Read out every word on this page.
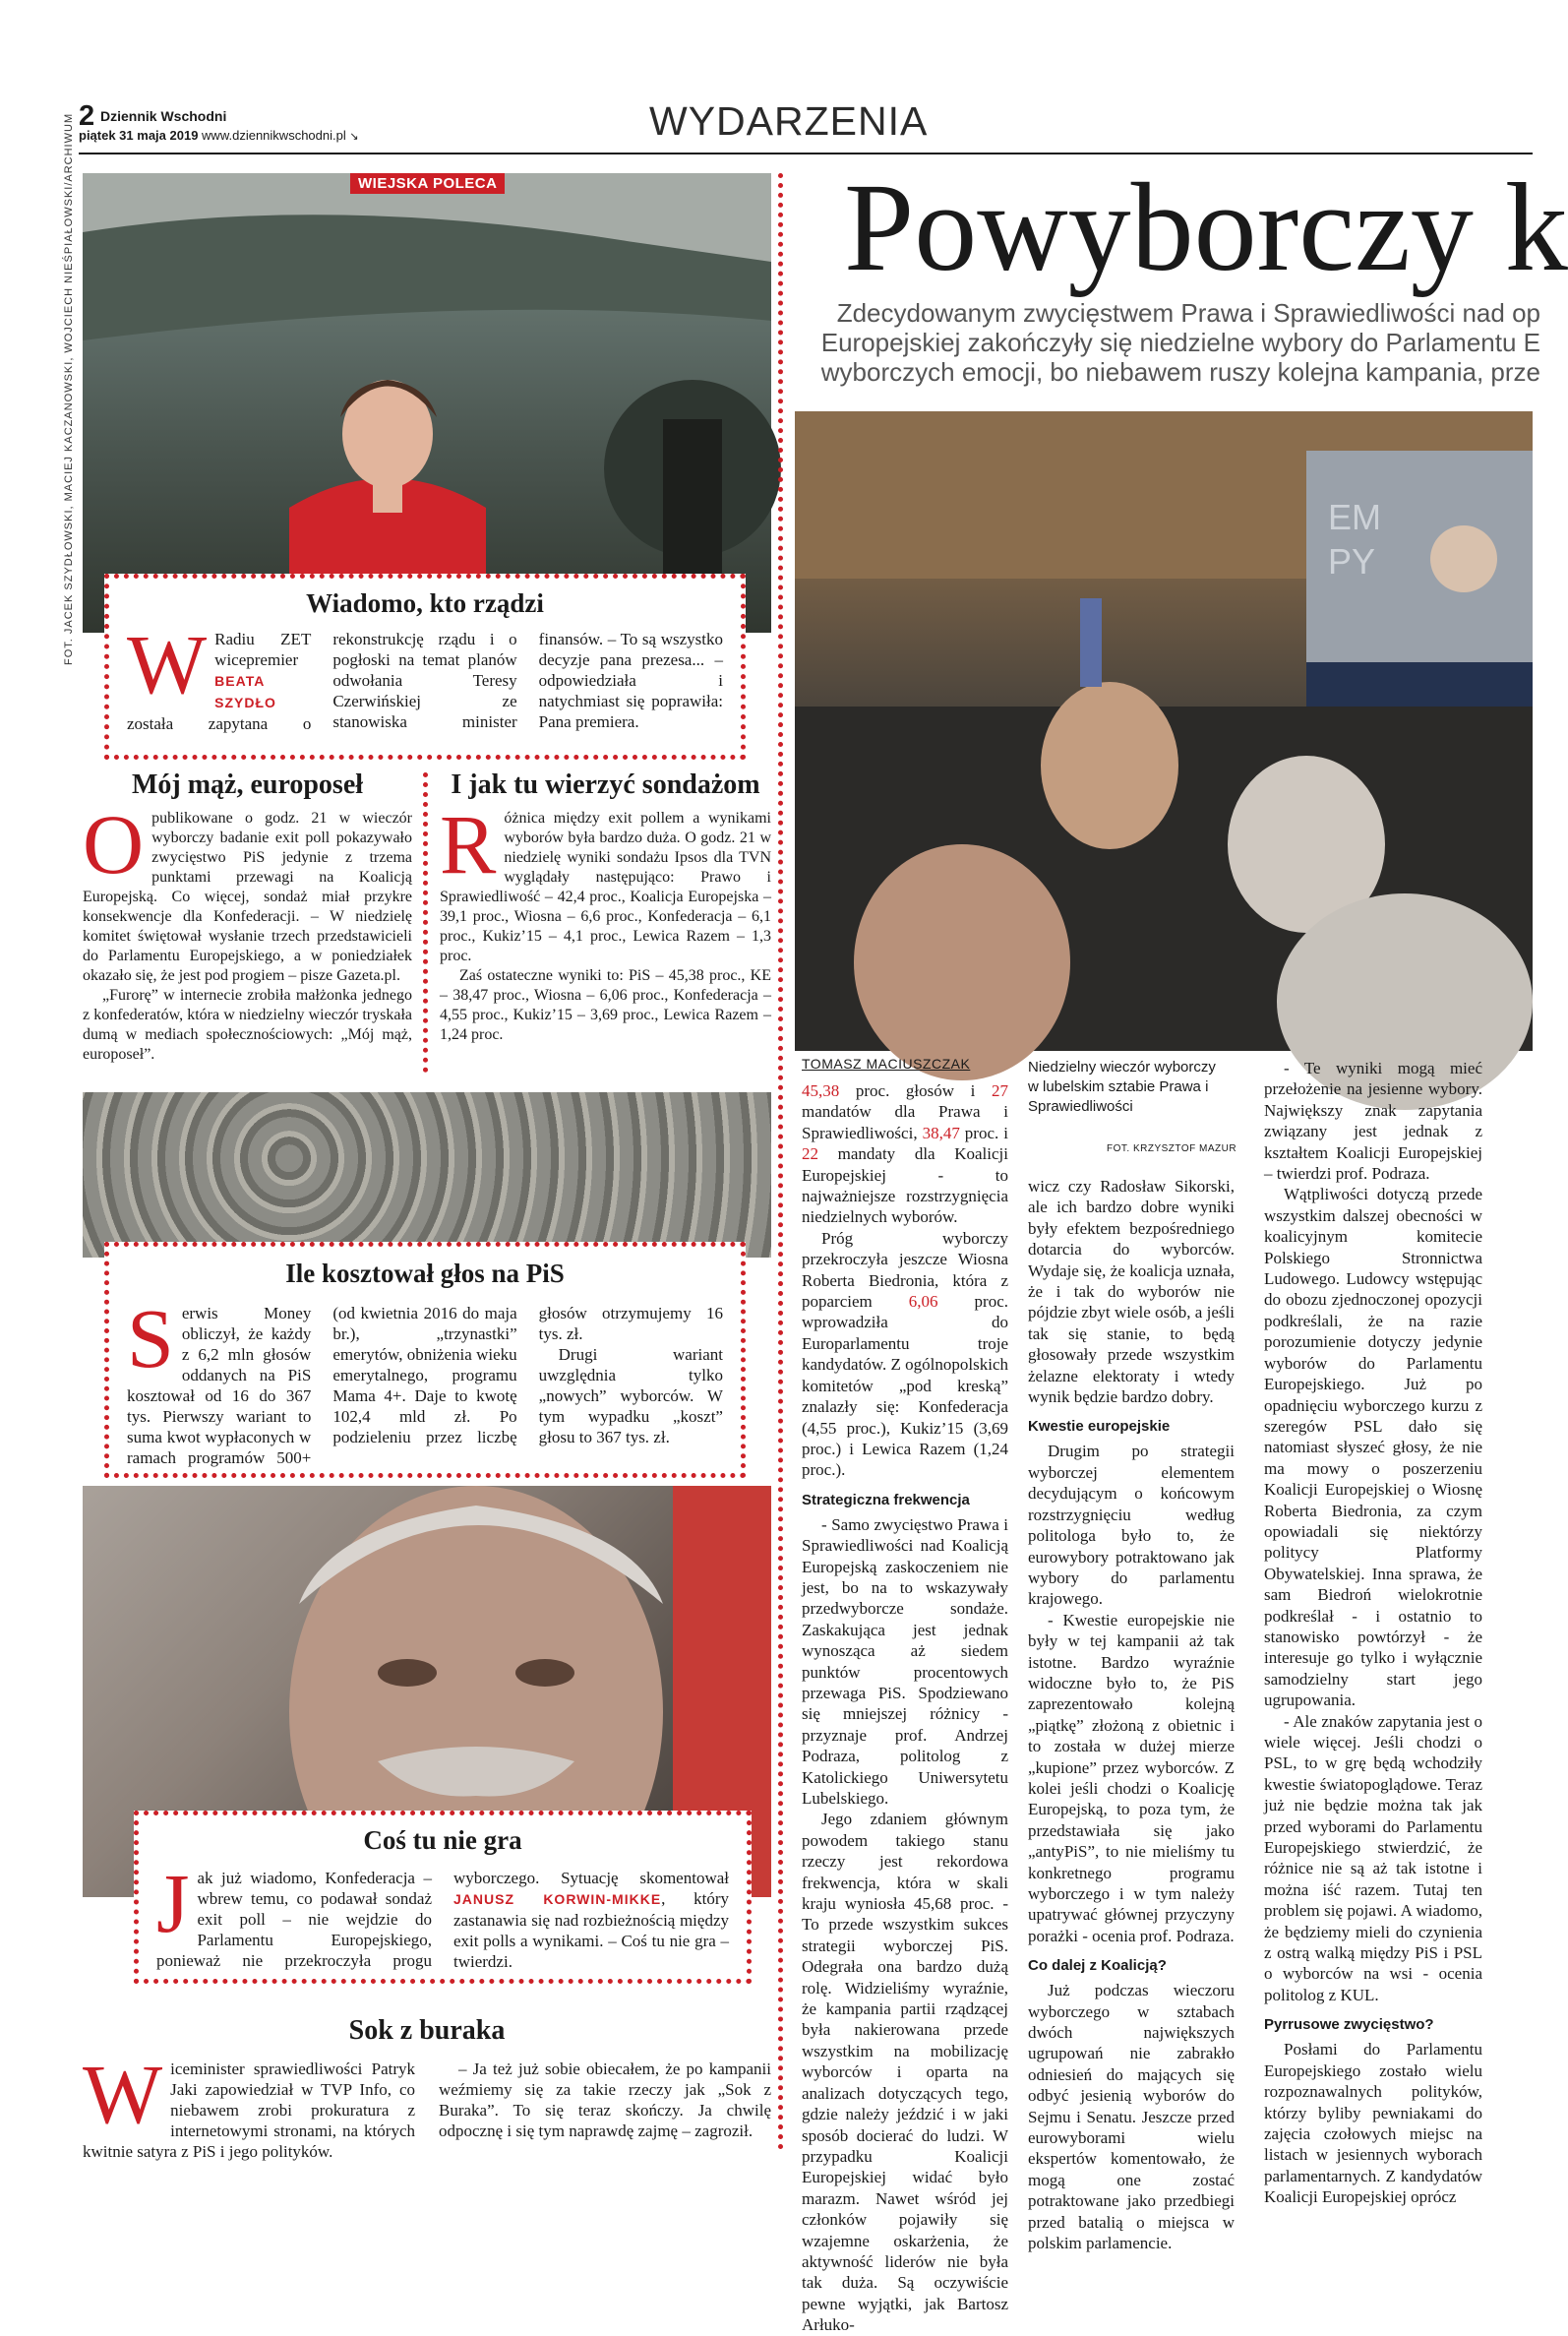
2 Dziennik Wschodni
piątek 31 maja 2019 www.dziennikwschodni.pl ↘	WYDARZENIA
FOT. JACEK SZYDŁOWSKI, MACIEJ KACZANOWSKI, WOJCIECH NIEŚPIAŁOWSKI/ARCHIWUM	WIEJSKA POLECA
Wiadomo, kto rządzi
W Radiu ZET wicepremier BEATA SZYDŁO została zapytana o rekonstrukcję rządu i o pogłoski na temat planów odwołania Teresy Czerwińskiej ze stanowiska minister finansów. – To są wszystko decyzje pana prezesa... – odpowiedziała i natychmiast się poprawiła: Pana premiera.
Mój mąż, europoseł
Opublikowane o godz. 21 w wieczór wyborczy badanie exit poll pokazywało zwycięstwo PiS jedynie z trzema punktami przewagi na Koalicją Europejską. Co więcej, sondaż miał przykre konsekwencje dla Konfederacji. – W niedzielę komitet świętował wysłanie trzech przedstawicieli do Parlamentu Europejskiego, a w poniedziałek okazało się, że jest pod progiem – pisze Gazeta.pl.

„Furorę” w internecie zrobiła małżonka jednego z konfederatów, która w niedzielny wieczór tryskała dumą w mediach społecznościowych: „Mój mąż, europoseł”.

I jak tu wierzyć sondażom
Różnica między exit pollem a wynikami wyborów była bardzo duża. O godz. 21 w niedzielę wyniki sondażu Ipsos dla TVN wyglądały następująco: Prawo i Sprawiedliwość – 42,4 proc., Koalicja Europejska – 39,1 proc., Wiosna – 6,6 proc., Konfederacja – 6,1 proc., Kukiz’15 – 4,1 proc., Lewica Razem – 1,3 proc.

Zaś ostateczne wyniki to: PiS – 45,38 proc., KE – 38,47 proc., Wiosna – 6,06 proc., Konfederacja – 4,55 proc., Kukiz’15 – 3,69 proc., Lewica Razem – 1,24 proc.

Ile kosztował głos na PiS
Serwis Money obliczył, że każdy z 6,2 mln głosów oddanych na PiS kosztował od 16 do 367 tys. Pierwszy wariant to suma kwot wypłaconych w ramach programów 500+ (od kwietnia 2016 do maja br.), „trzynastki” emerytów, obniżenia wieku emerytalnego, programu Mama 4+. Daje to kwotę 102,4 mld zł. Po podzieleniu przez liczbę głosów otrzymujemy 16 tys. zł.

Drugi wariant uwzględnia tylko „nowych” wyborców. W tym wypadku „koszt” głosu to 367 tys. zł.

Coś tu nie gra
Jak już wiadomo, Konfederacja – wbrew temu, co podawał sondaż exit poll – nie wejdzie do Parlamentu Europejskiego, ponieważ nie przekroczyła progu wyborczego. Sytuację skomentował JANUSZ KORWIN-MIKKE, który zastanawia się nad rozbieżnością między exit polls a wynikami. – Coś tu nie gra – twierdzi.
Sok z buraka
Wiceminister sprawiedliwości Patryk Jaki zapowiedział w TVP Info, co niebawem zrobi prokuratura z internetowymi stronami, na których kwitnie satyra z PiS i jego polityków.

– Ja też już sobie obiecałem, że po kampanii weźmiemy się za takie rzeczy jak „Sok z Buraka”. To się teraz skończy. Ja chwilę odpocznę i się tym naprawdę zajmę – zagroził.

Powyborczy k
Zdecydowanym zwycięstwem Prawa i Sprawiedliwości nad op
Europejskiej zakończyły się niedzielne wybory do Parlamentu E
wyborczych emocji, bo niebawem ruszy kolejna kampania, prze
EM
PY
TOMASZ MACIUSZCZAK	Niedzielny wieczór wyborczy w lubelskim sztabie Prawa i Sprawiedliwości
FOT. KRZYSZTOF MAZUR

45,38 proc. głosów i 27 mandatów dla Prawa i Sprawiedliwości, 38,47 proc. i 22 mandaty dla Koalicji Europejskiej - to najważniejsze rozstrzygnięcia niedzielnych wyborów.

Próg wyborczy przekroczyła jeszcze Wiosna Roberta Biedronia, która z poparciem 6,06 proc. wprowadziła do Europarlamentu troje kandydatów. Z ogólnopolskich komitetów „pod kreską” znalazły się: Konfederacja (4,55 proc.), Kukiz’15 (3,69 proc.) i Lewica Razem (1,24 proc.).

Strategiczna frekwencja

- Samo zwycięstwo Prawa i Sprawiedliwości nad Koalicją Europejską zaskoczeniem nie jest, bo na to wskazywały przedwyborcze sondaże. Zaskakująca jest jednak wynosząca aż siedem punktów procentowych przewaga PiS. Spodziewano się mniejszej różnicy - przyznaje prof. Andrzej Podraza, politolog z Katolickiego Uniwersytetu Lubelskiego.

Jego zdaniem głównym powodem takiego stanu rzeczy jest rekordowa frekwencja, która w skali kraju wyniosła 45,68 proc. - To przede wszystkim sukces strategii wyborczej PiS. Odegrała ona bardzo dużą rolę. Widzieliśmy wyraźnie, że kampania partii rządzącej była nakierowana przede wszystkim na mobilizację wyborców i oparta na analizach dotyczących tego, gdzie należy jeździć i w jaki sposób docierać do ludzi. W przypadku Koalicji Europejskiej widać było marazm. Nawet wśród jej członków pojawiły się wzajemne oskarżenia, że aktywność liderów nie była tak duża. Są oczywiście pewne wyjątki, jak Bartosz Arłuko-

wicz czy Radosław Sikorski, ale ich bardzo dobre wyniki były efektem bezpośredniego dotarcia do wyborców. Wydaje się, że koalicja uznała, że i tak do wyborów nie pójdzie zbyt wiele osób, a jeśli tak się stanie, to będą głosowały przede wszystkim żelazne elektoraty i wtedy wynik będzie bardzo dobry.

Kwestie europejskie

Drugim po strategii wyborczej elementem decydującym o końcowym rozstrzygnięciu według politologa było to, że eurowybory potraktowano jak wybory do parlamentu krajowego.

- Kwestie europejskie nie były w tej kampanii aż tak istotne. Bardzo wyraźnie widoczne było to, że PiS zaprezentowało kolejną „piątkę” złożoną z obietnic i to została w dużej mierze „kupione” przez wyborców. Z kolei jeśli chodzi o Koalicję Europejską, to poza tym, że przedstawiała się jako „antyPiS”, to nie mieliśmy tu konkretnego programu wyborczego i w tym należy upatrywać głównej przyczyny porażki - ocenia prof. Podraza.

Co dalej z Koalicją?

Już podczas wieczoru wyborczego w sztabach dwóch największych ugrupowań nie zabrakło odniesień do mających się odbyć jesienią wyborów do Sejmu i Senatu. Jeszcze przed eurowyborami wielu ekspertów komentowało, że mogą one zostać potraktowane jako przedbiegi przed batalią o miejsca w polskim parlamencie.

- Te wyniki mogą mieć przełożenie na jesienne wybory. Największy znak zapytania związany jest jednak z kształtem Koalicji Europejskiej – twierdzi prof. Podraza.

Wątpliwości dotyczą przede wszystkim dalszej obecności w koalicyjnym komitecie Polskiego Stronnictwa Ludowego. Ludowcy wstępując do obozu zjednoczonej opozycji podkreślali, że na razie porozumienie dotyczy jedynie wyborów do Parlamentu Europejskiego. Już po opadnięciu wyborczego kurzu z szeregów PSL dało się natomiast słyszeć głosy, że nie ma mowy o poszerzeniu Koalicji Europejskiej o Wiosnę Roberta Biedronia, za czym opowiadali się niektórzy politycy Platformy Obywatelskiej. Inna sprawa, że sam Biedroń wielokrotnie podkreślał - i ostatnio to stanowisko powtórzył - że interesuje go tylko i wyłącznie samodzielny start jego ugrupowania.

- Ale znaków zapytania jest o wiele więcej. Jeśli chodzi o PSL, to w grę będą wchodziły kwestie światopoglądowe. Teraz już nie będzie można tak jak przed wyborami do Parlamentu Europejskiego stwierdzić, że różnice nie są aż tak istotne i można iść razem. Tutaj ten problem się pojawi. A wiadomo, że będziemy mieli do czynienia z ostrą walką między PiS i PSL o wyborców na wsi - ocenia politolog z KUL.

Pyrrusowe zwycięstwo?

Posłami do Parlamentu Europejskiego zostało wielu rozpoznawalnych polityków, którzy byliby pewniakami do zajęcia czołowych miejsc na listach w jesiennych wyborach parlamentarnych. Z kandydatów Koalicji Europejskiej oprócz
